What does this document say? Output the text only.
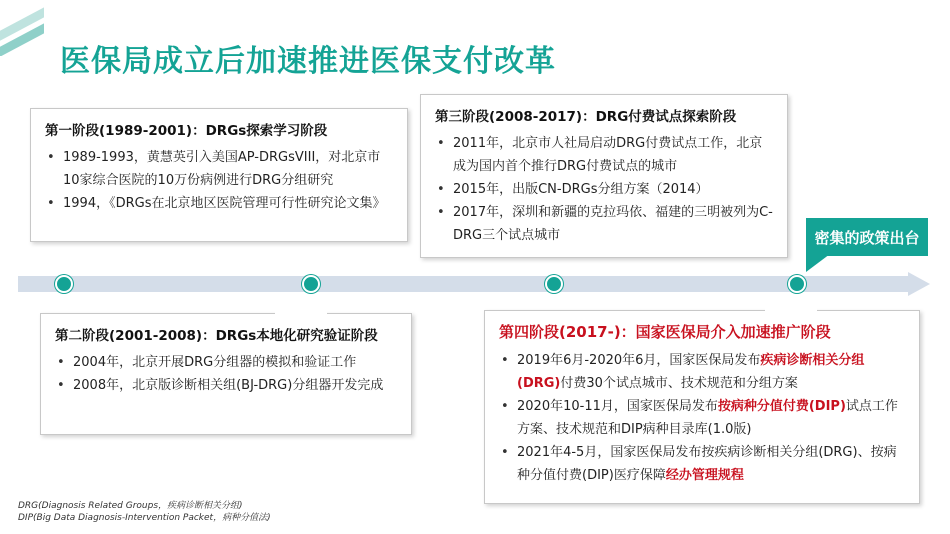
医保局成立后加速推进医保支付改革
第一阶段(1989-2001)：DRGs探索学习阶段
• 1989-1993，黄慧英引入美国AP-DRGsVIII，对北京市10家综合医院的10万份病例进行DRG分组研究
• 1994，《DRGs在北京地区医院管理可行性研究论文集》
第三阶段(2008-2017)：DRG付费试点探索阶段
• 2011年，北京市人社局启动DRG付费试点工作，北京成为国内首个推行DRG付费试点的城市
• 2015年，出版CN-DRGs分组方案（2014）
• 2017年，深圳和新疆的克拉玛依、福建的三明被列为C-DRG三个试点城市	密集的政策出台
第二阶段(2001-2008)：DRGs本地化研究验证阶段
• 2004年，北京开展DRG分组器的模拟和验证工作
• 2008年，北京版诊断相关组(BJ-DRG)分组器开发完成
第四阶段(2017-)：国家医保局介入加速推广阶段
• 2019年6月-2020年6月，国家医保局发布疾病诊断相关分组(DRG)付费30个试点城市、技术规范和分组方案
• 2020年10-11月，国家医保局发布按病种分值付费(DIP)试点工作方案、技术规范和DIP病种目录库(1.0版)
• 2021年4-5月，国家医保局发布按疾病诊断相关分组(DRG)、按病种分值付费(DIP)医疗保障经办管理规程
DRG(Diagnosis Related Groups，疾病诊断相关分组)
DIP(Big Data Diagnosis-Intervention Packet，病种分值法)
